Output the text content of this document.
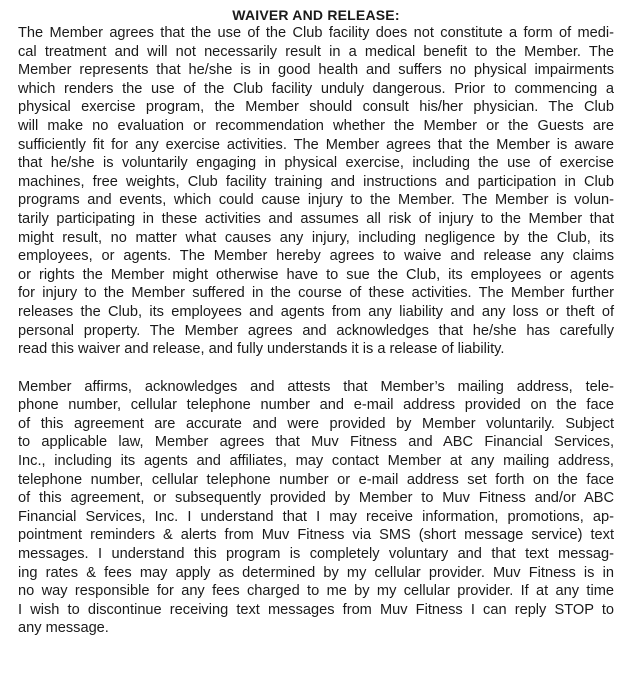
WAIVER AND RELEASE:

The Member agrees that the use of the Club facility does not constitute a form of medi-
cal treatment and will not necessarily result in a medical benefit to the Member. The
Member represents that he/she is in good health and suffers no physical impairments
which renders the use of the Club facility unduly dangerous. Prior to commencing a
physical exercise program, the Member should consult his/her physician. The Club
will make no evaluation or recommendation whether the Member or the Guests are
sufficiently fit for any exercise activities. The Member agrees that the Member is aware
that he/she is voluntarily engaging in physical exercise, including the use of exercise
machines, free weights, Club facility training and instructions and participation in Club
programs and events, which could cause injury to the Member. The Member is volun-
tarily participating in these activities and assumes all risk of injury to the Member that
might result, no matter what causes any injury, including negligence by the Club, its
employees, or agents. The Member hereby agrees to waive and release any claims
or rights the Member might otherwise have to sue the Club, its employees or agents
for injury to the Member suffered in the course of these activities. The Member further
releases the Club, its employees and agents from any liability and any loss or theft of
personal property. The Member agrees and acknowledges that he/she has carefully
read this waiver and release, and fully understands it is a release of liability.

Member affirms, acknowledges and attests that Member’s mailing address, tele-
phone number, cellular telephone number and e-mail address provided on the face
of this agreement are accurate and were provided by Member voluntarily. Subject
to applicable law, Member agrees that Muv Fitness and ABC Financial Services,
Inc., including its agents and affiliates, may contact Member at any mailing address,
telephone number, cellular telephone number or e-mail address set forth on the face
of this agreement, or subsequently provided by Member to Muv Fitness and/or ABC
Financial Services, Inc. I understand that I may receive information, promotions, ap-
pointment reminders & alerts from Muv Fitness via SMS (short message service) text
messages. I understand this program is completely voluntary and that text messag-
ing rates & fees may apply as determined by my cellular provider. Muv Fitness is in
no way responsible for any fees charged to me by my cellular provider. If at any time
I wish to discontinue receiving text messages from Muv Fitness I can reply STOP to
any message.
